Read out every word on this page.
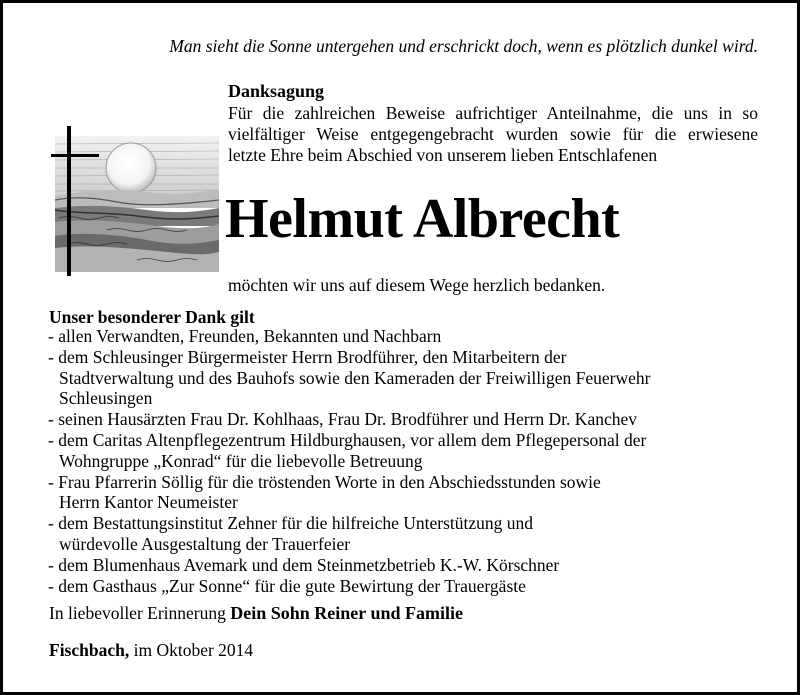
Man sieht die Sonne untergehen und erschrickt doch, wenn es plötzlich dunkel wird.
Danksagung
Für die zahlreichen Beweise aufrichtiger Anteilnahme, die uns in so
vielfältiger Weise entgegengebracht wurden sowie für die erwiesene
letzte Ehre beim Abschied von unserem lieben Entschlafenen
Helmut Albrecht
möchten wir uns auf diesem Wege herzlich bedanken.
Unser besonderer Dank gilt
- allen Verwandten, Freunden, Bekannten und Nachbarn
- dem Schleusinger Bürgermeister Herrn Brodführer, den Mitarbeitern der
Stadtverwaltung und des Bauhofs sowie den Kameraden der Freiwilligen Feuerwehr
Schleusingen
- seinen Hausärzten Frau Dr. Kohlhaas, Frau Dr. Brodführer und Herrn Dr. Kanchev
- dem Caritas Altenpflegezentrum Hildburghausen, vor allem dem Pflegepersonal der
Wohngruppe „Konrad“ für die liebevolle Betreuung
- Frau Pfarrerin Söllig für die tröstenden Worte in den Abschiedsstunden sowie
Herrn Kantor Neumeister
- dem Bestattungsinstitut Zehner für die hilfreiche Unterstützung und
würdevolle Ausgestaltung der Trauerfeier
- dem Blumenhaus Avemark und dem Steinmetzbetrieb K.-W. Körschner
- dem Gasthaus „Zur Sonne“ für die gute Bewirtung der Trauergäste
In liebevoller Erinnerung Dein Sohn Reiner und Familie
Fischbach, im Oktober 2014
